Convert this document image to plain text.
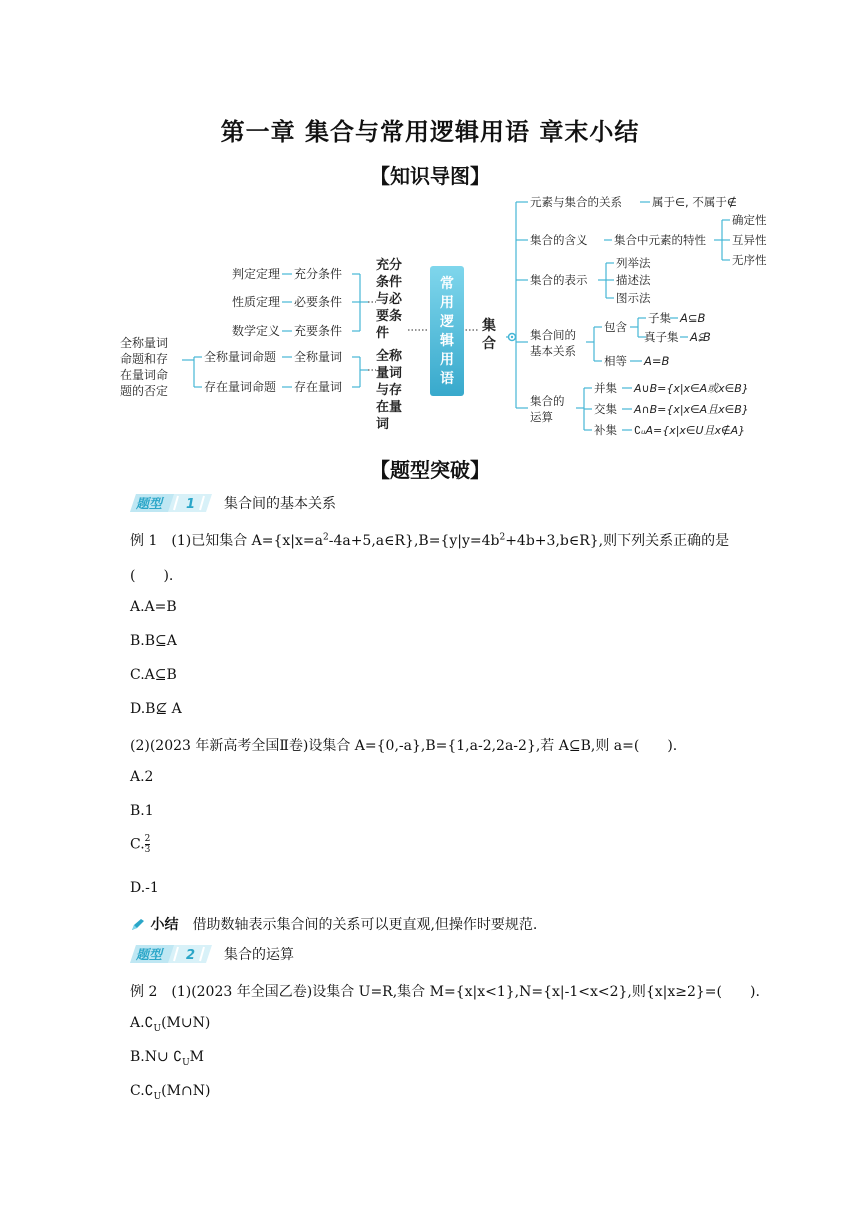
第一章 集合与常用逻辑用语 章末小结
【知识导图】
全称量词
命题和存
在量词命
题的否定
判定定理 充分条件
性质定理 必要条件
数学定义 充要条件
全称量词命题 全称量词
存在量词命题 存在量词
充分
条件
与必
要条
件
全称
量词
与存
在量
词
常
用
逻
辑
用
语
集
合
元素与集合的关系	属于∈, 不属于∉
集合的含义 集合中元素的特性
确定性
互异性
无序性
集合的表示
列举法
描述法
图示法
集合间的
基本关系
包含
子集 A⊆B
真子集 A⫋B
相等 A=B
集合的
运算
并集 A∪B={x|x∈A或x∈B}
交集 A∩B={x|x∈A且x∈B}
补集 ∁ᵤA={x|x∈U且x∉A}
【题型突破】
题型 1 集合间的基本关系
例 1　(1)已知集合 $A=\{x|x=a^2-4a+5,a\in R\},B=\{y|y=4b^2+4b+3,b\in R\}$,则下列关系正确的是
(　　).
A.A=B
B.B⊆A
C.A⊆B
D.B⊈ A
(2)(2023 年新高考全国Ⅱ卷)设集合 A={0,-a},B={1,a-2,2a-2},若 A⊆B,则 a=(　　).
A.2
B.1
C. $\frac{2}{3}$
D.-1
小结 借助数轴表示集合间的关系可以更直观,但操作时要规范.
题型 2 集合的运算
例 2　(1)(2023 年全国乙卷)设集合 U=R,集合 M={x|x<1},N={x|-1<x<2},则{x|x≥2}=(　　).
$A.∁_U(M\cup N)$
B.N∪ $∁_UM$
$C.∁_U(M\cap N)$
